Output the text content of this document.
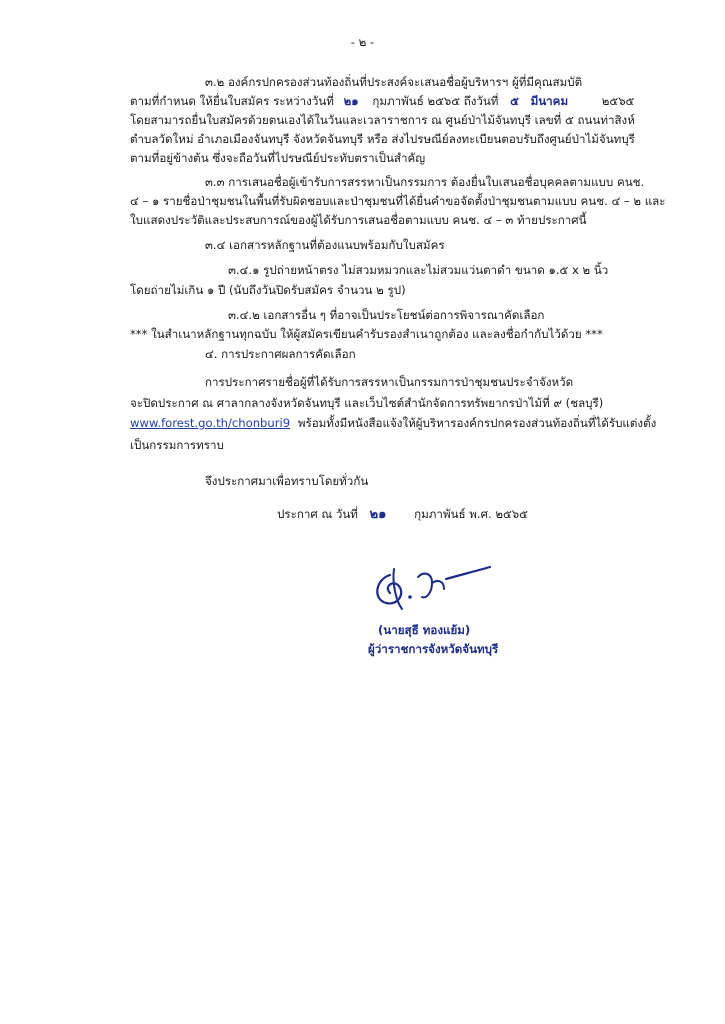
- ๒ -
๓.๒ องค์กรปกครองส่วนท้องถิ่นที่ประสงค์จะเสนอชื่อผู้บริหารฯ ผู้ที่มีคุณสมบัติ
ตามที่กำหนด ให้ยื่นใบสมัคร ระหว่างวันที่ ๒๑ กุมภาพันธ์ ๒๕๖๕ ถึงวันที่ ๕ มีนาคม	๒๕๖๕
โดยสามารถยื่นใบสมัครด้วยตนเองได้ในวันและเวลาราชการ ณ ศูนย์ป่าไม้จันทบุรี เลขที่ ๕ ถนนท่าสิงห์
ตำบลวัดใหม่ อำเภอเมืองจันทบุรี จังหวัดจันทบุรี หรือ ส่งไปรษณีย์ลงทะเบียนตอบรับถึงศูนย์ป่าไม้จันทบุรี
ตามที่อยู่ข้างต้น ซึ่งจะถือวันที่ไปรษณีย์ประทับตราเป็นสำคัญ
๓.๓ การเสนอชื่อผู้เข้ารับการสรรหาเป็นกรรมการ ต้องยื่นใบเสนอชื่อบุคคลตามแบบ คนช.
๔ – ๑ รายชื่อป่าชุมชนในพื้นที่รับผิดชอบและป่าชุมชนที่ได้ยื่นคำขอจัดตั้งป่าชุมชนตามแบบ คนช. ๔ – ๒ และ
ใบแสดงประวัติและประสบการณ์ของผู้ได้รับการเสนอชื่อตามแบบ คนช. ๔ – ๓ ท้ายประกาศนี้
๓.๔ เอกสารหลักฐานที่ต้องแนบพร้อมกับใบสมัคร
๓.๔.๑ รูปถ่ายหน้าตรง ไม่สวมหมวกและไม่สวมแว่นตาดำ ขนาด ๑.๕ x ๒ นิ้ว
โดยถ่ายไม่เกิน ๑ ปี (นับถึงวันปิดรับสมัคร จำนวน ๒ รูป)
๓.๔.๒ เอกสารอื่น ๆ ที่อาจเป็นประโยชน์ต่อการพิจารณาคัดเลือก
*** ในสำเนาหลักฐานทุกฉบับ ให้ผู้สมัครเขียนคำรับรองสำเนาถูกต้อง และลงชื่อกำกับไว้ด้วย ***
๔. การประกาศผลการคัดเลือก
การประกาศรายชื่อผู้ที่ได้รับการสรรหาเป็นกรรมการป่าชุมชนประจำจังหวัด
จะปิดประกาศ ณ ศาลากลางจังหวัดจันทบุรี และเว็บไซต์สำนักจัดการทรัพยากรป่าไม้ที่ ๙ (ชลบุรี)
www.forest.go.th/chonburi9 พร้อมทั้งมีหนังสือแจ้งให้ผู้บริหารองค์กรปกครองส่วนท้องถิ่นที่ได้รับแต่งตั้ง
เป็นกรรมการทราบ
จึงประกาศมาเพื่อทราบโดยทั่วกัน
ประกาศ ณ วันที่ ๒๑ กุมภาพันธ์ พ.ศ. ๒๕๖๕
(นายสุธี ทองแย้ม)
ผู้ว่าราชการจังหวัดจันทบุรี
